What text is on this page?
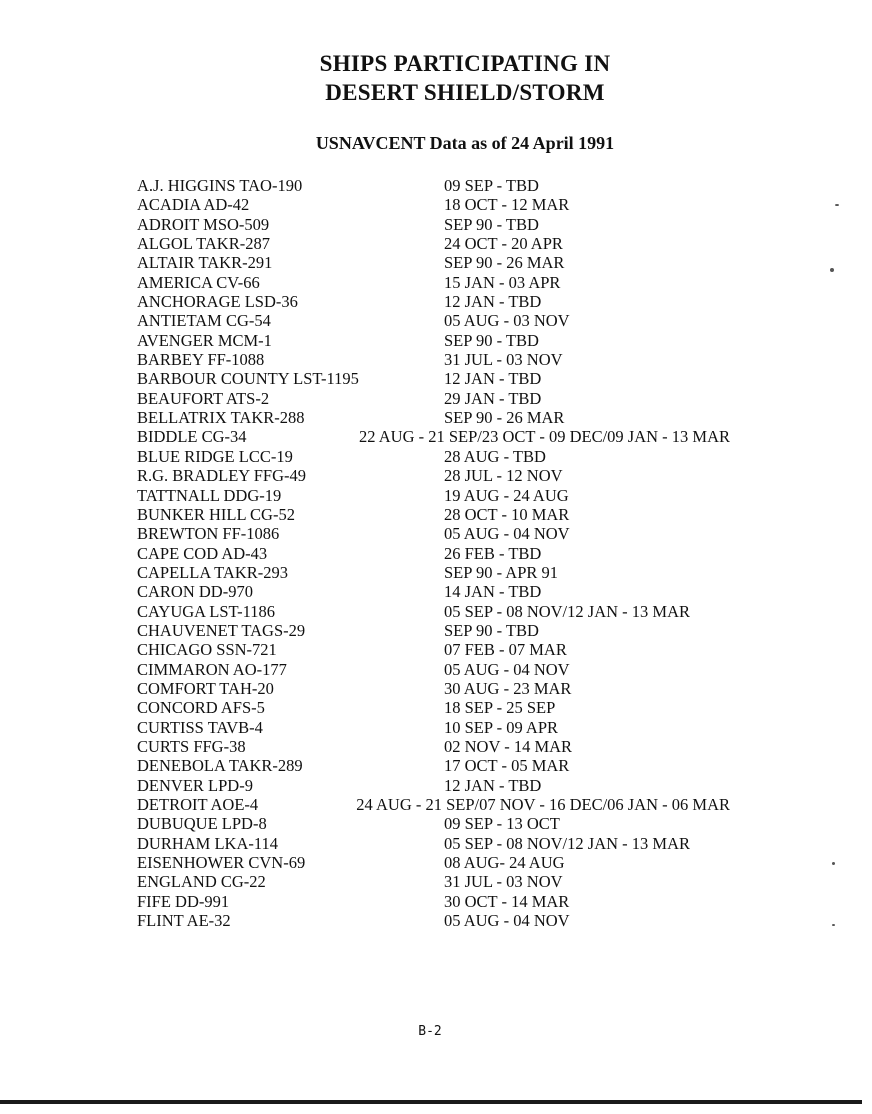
SHIPS PARTICIPATING IN
DESERT SHIELD/STORM
USNAVCENT Data as of 24 April 1991
A.J. HIGGINS TAO-190	09 SEP - TBD
ACADIA AD-42	18 OCT - 12 MAR
ADROIT MSO-509	SEP 90 - TBD
ALGOL TAKR-287	24 OCT - 20 APR
ALTAIR TAKR-291	SEP 90 - 26 MAR
AMERICA CV-66	15 JAN - 03 APR
ANCHORAGE LSD-36	12 JAN - TBD
ANTIETAM CG-54	05 AUG - 03 NOV
AVENGER MCM-1	SEP 90 - TBD
BARBEY FF-1088	31 JUL - 03 NOV
BARBOUR COUNTY LST-1195	12 JAN - TBD
BEAUFORT ATS-2	29 JAN - TBD
BELLATRIX TAKR-288	SEP 90 - 26 MAR
BIDDLE CG-34	22 AUG - 21 SEP/23 OCT - 09 DEC/09 JAN - 13 MAR
BLUE RIDGE LCC-19	28 AUG - TBD
R.G. BRADLEY FFG-49	28 JUL - 12 NOV
TATTNALL DDG-19	19 AUG - 24 AUG
BUNKER HILL CG-52	28 OCT - 10 MAR
BREWTON FF-1086	05 AUG - 04 NOV
CAPE COD AD-43	26 FEB - TBD
CAPELLA TAKR-293	SEP 90 - APR 91
CARON DD-970	14 JAN - TBD
CAYUGA LST-1186	05 SEP - 08 NOV/12 JAN - 13 MAR
CHAUVENET TAGS-29	SEP 90 - TBD
CHICAGO SSN-721	07 FEB - 07 MAR
CIMMARON AO-177	05 AUG - 04 NOV
COMFORT TAH-20	30 AUG - 23 MAR
CONCORD AFS-5	18 SEP - 25 SEP
CURTISS TAVB-4	10 SEP - 09 APR
CURTS FFG-38	02 NOV - 14 MAR
DENEBOLA TAKR-289	17 OCT - 05 MAR
DENVER LPD-9	12 JAN - TBD
DETROIT AOE-4	24 AUG - 21 SEP/07 NOV - 16 DEC/06 JAN - 06 MAR
DUBUQUE LPD-8	09 SEP - 13 OCT
DURHAM LKA-114	05 SEP - 08 NOV/12 JAN - 13 MAR
EISENHOWER CVN-69	08 AUG- 24 AUG
ENGLAND CG-22	31 JUL - 03 NOV
FIFE DD-991	30 OCT - 14 MAR
FLINT AE-32	05 AUG - 04 NOV
B-2
